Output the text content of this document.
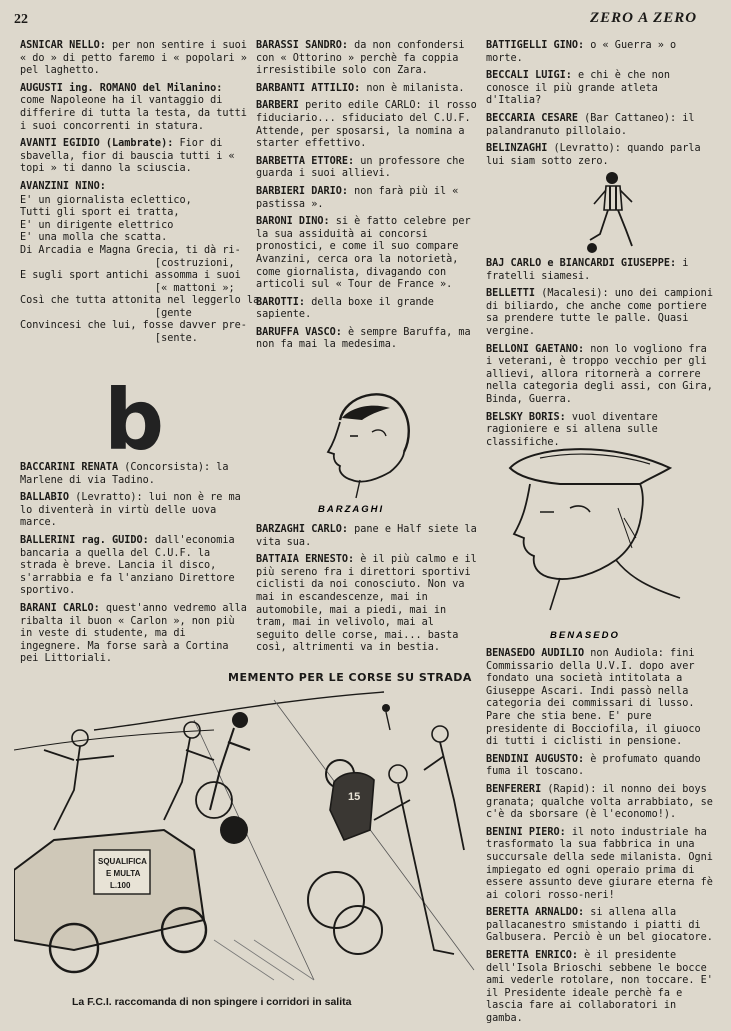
22	ZERO A ZERO

ASNICAR NELLO: per non sentire i suoi « do » di petto faremo i « popolari » pel laghetto.

AUGUSTI ing. ROMANO del Milanino: come Napoleone ha il vantaggio di differire di tutta la testa, da tutti i suoi concorrenti in statura.

AVANTI EGIDIO (Lambrate): Fior di sbavella, fior di bauscia tutti i « topi » ti danno la sciuscia.

AVANZINI NINO:

E' un giornalista eclettico,
Tutti gli sport ei tratta,
E' un dirigente elettrico
E' una molla che scatta.
Di Arcadia e Magna Grecia, ti dà ri-
[costruzioni,
E sugli sport antichi assomma i suoi
[« mattoni »;
Così che tutta attonita nel leggerlo la
[gente
Convincesi che lui, fosse davver pre-
[sente.
b

BACCARINI RENATA (Concorsista): la Marlene di via Tadino.

BALLABIO (Levratto): lui non è re ma lo diventerà in virtù delle uova marce.

BALLERINI rag. GUIDO: dall'economia bancaria a quella del C.U.F. la strada è breve. Lancia il disco, s'arrabbia e fa l'anziano Direttore sportivo.

BARANI CARLO: quest'anno vedremo alla ribalta il buon « Carlon », non più in veste di studente, ma di ingegnere. Ma forse sarà a Cortina pei Littoriali.

BARASSI SANDRO: da non confondersi con « Ottorino » perchè fa coppia irresistibile solo con Zara.

BARBANTI ATTILIO: non è milanista.

BARBERI perito edile CARLO: il rosso fiduciario... sfiduciato del C.U.F. Attende, per sposarsi, la nomina a starter effettivo.

BARBETTA ETTORE: un professore che guarda i suoi allievi.

BARBIERI DARIO: non farà più il « pastissa ».

BARONI DINO: si è fatto celebre per la sua assiduità ai concorsi pronostici, e come il suo compare Avanzini, cerca ora la notorietà, come giornalista, divagando con articoli sul « Tour de France ».

BAROTTI: della boxe il grande sapiente.

BARUFFA VASCO: è sempre Baruffa, ma non fa mai la medesima.

BARZAGHI

BARZAGHI CARLO: pane e Half siete la vita sua.

BATTAIA ERNESTO: è il più calmo e il più sereno fra i direttori sportivi ciclisti da noi conosciuto. Non va mai in escandescenze, mai in automobile, mai a piedi, mai in tram, mai in velivolo, mai al seguito delle corse, mai... basta così, altrimenti va in bestia.

BATTIGELLI GINO: o « Guerra » o morte.

BECCALI LUIGI: e chi è che non conosce il più grande atleta d'Italia?

BECCARIA CESARE (Bar Cattaneo): il palandranuto pillolaio.

BELINZAGHI (Levratto): quando parla lui siam sotto zero.

BAJ CARLO e BIANCARDI GIUSEPPE: i fratelli siamesi.

BELLETTI (Macalesi): uno dei campioni di biliardo, che anche come portiere sa prendere tutte le palle. Quasi vergine.

BELLONI GAETANO: non lo vogliono fra i veterani, è troppo vecchio per gli allievi, allora ritornerà a correre nella categoria degli assi, con Gira, Binda, Guerra.

BELSKY BORIS: vuol diventare ragioniere e si allena sulle classifiche.

BENASEDO

BENASEDO AUDILIO non Audiola: fini Commissario della U.V.I. dopo aver fondato una società intitolata a Giuseppe Ascari. Indi passò nella categoria dei commissari di lusso. Pare che stia bene. E' pure presidente di Bocciofila, il giuoco di tutti i ciclisti in pensione.

BENDINI AUGUSTO: è profumato quando fuma il toscano.

BENFERERI (Rapid): il nonno dei boys granata; qualche volta arrabbiato, se c'è da sborsare (è l'economo!).

BENINI PIERO: il noto industriale ha trasformato la sua fabbrica in una succursale della sede milanista. Ogni impiegato ed ogni operaio prima di essere assunto deve giurare eterna fè ai colori rosso-neri!

BERETTA ARNALDO: si allena alla pallacanestro smistando i piatti di Galbusera. Perciò è un bel giocatore.

BERETTA ENRICO: è il presidente dell'Isola Brioschi sebbene le bocce ami vederle rotolare, non toccare. E' il Presidente ideale perchè fa e lascia fare ai collaboratori in gamba.

MEMENTO PER LE CORSE SU STRADA
SQUALIFICA
E MULTA
L.100
15
La F.C.I. raccomanda di non spingere i corridori in salita
